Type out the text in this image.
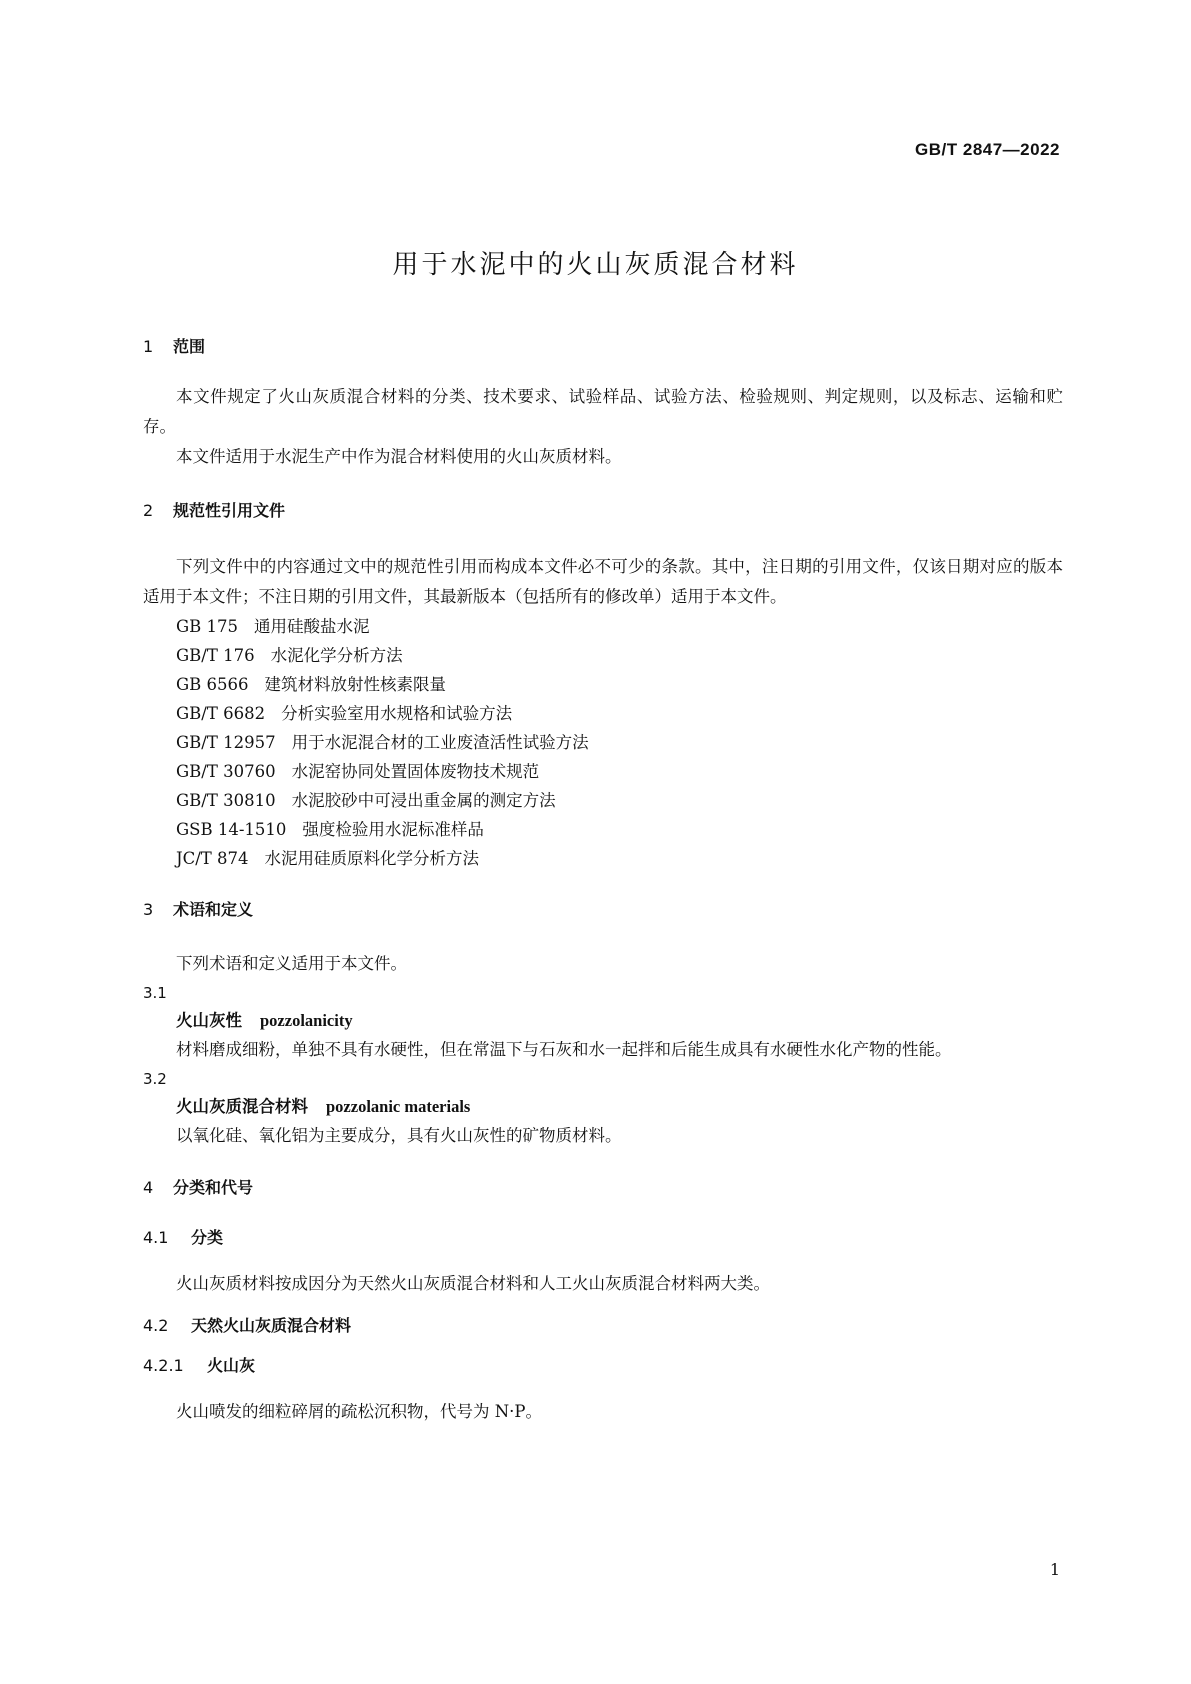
GB/T 2847—2022
用于水泥中的火山灰质混合材料
1 范围

本文件规定了火山灰质混合材料的分类、技术要求、试验样品、试验方法、检验规则、判定规则，以及标志、运输和贮存。

本文件适用于水泥生产中作为混合材料使用的火山灰质材料。

2 规范性引用文件

下列文件中的内容通过文中的规范性引用而构成本文件必不可少的条款。其中，注日期的引用文件，仅该日期对应的版本适用于本文件；不注日期的引用文件，其最新版本（包括所有的修改单）适用于本文件。

GB 175 通用硅酸盐水泥

GB/T 176 水泥化学分析方法

GB 6566 建筑材料放射性核素限量

GB/T 6682 分析实验室用水规格和试验方法

GB/T 12957 用于水泥混合材的工业废渣活性试验方法

GB/T 30760 水泥窑协同处置固体废物技术规范

GB/T 30810 水泥胶砂中可浸出重金属的测定方法

GSB 14-1510 强度检验用水泥标准样品

JC/T 874 水泥用硅质原料化学分析方法

3 术语和定义

下列术语和定义适用于本文件。

3.1

火山灰性 pozzolanicity

材料磨成细粉，单独不具有水硬性，但在常温下与石灰和水一起拌和后能生成具有水硬性水化产物的性能。

3.2

火山灰质混合材料 pozzolanic materials

以氧化硅、氧化铝为主要成分，具有火山灰性的矿物质材料。

4 分类和代号
4.1 分类

火山灰质材料按成因分为天然火山灰质混合材料和人工火山灰质混合材料两大类。

4.2 天然火山灰质混合材料
4.2.1 火山灰

火山喷发的细粒碎屑的疏松沉积物，代号为 N·P。

1
